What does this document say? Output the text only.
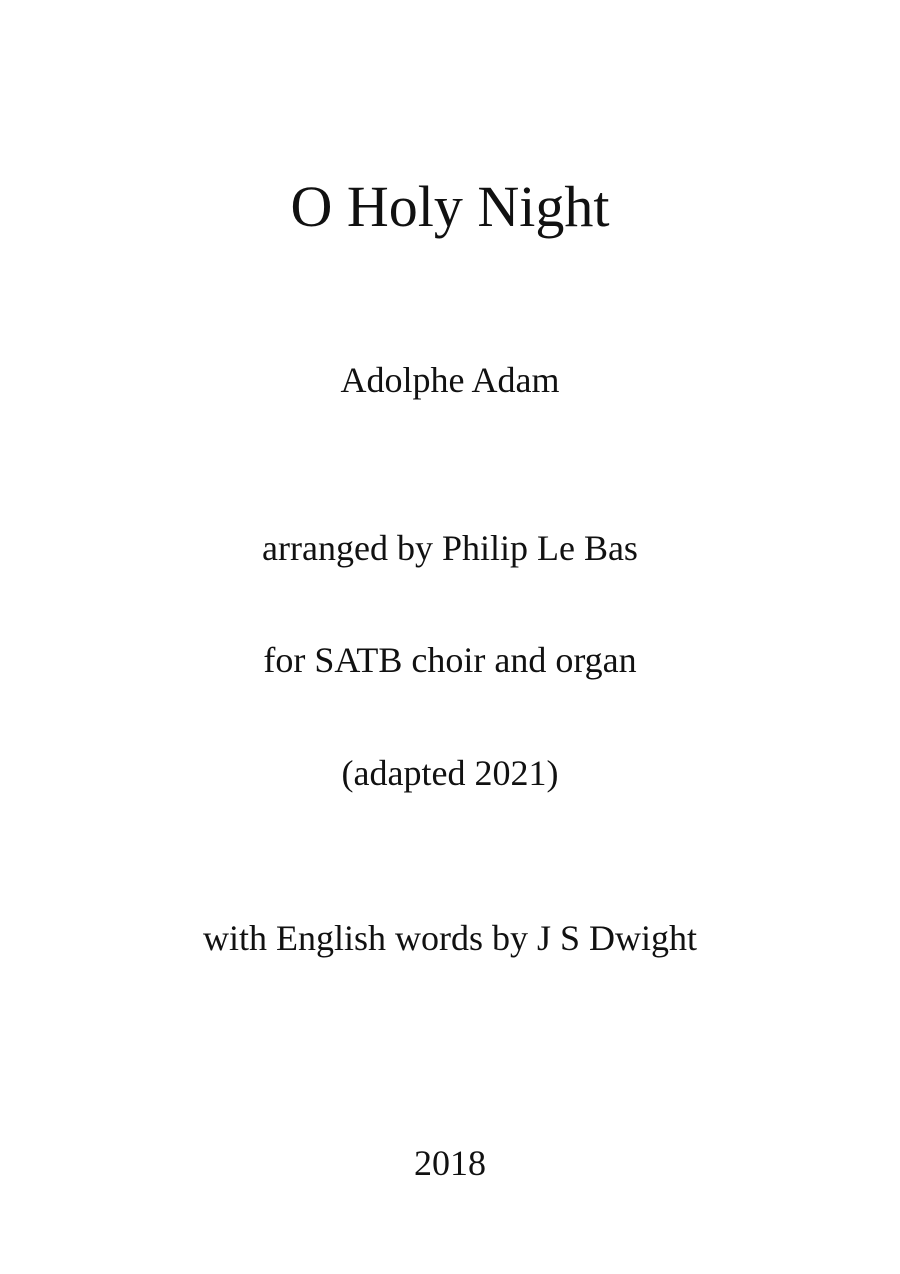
O Holy Night
Adolphe Adam
arranged by Philip Le Bas
for SATB choir and organ
(adapted 2021)
with English words by J S Dwight
2018
